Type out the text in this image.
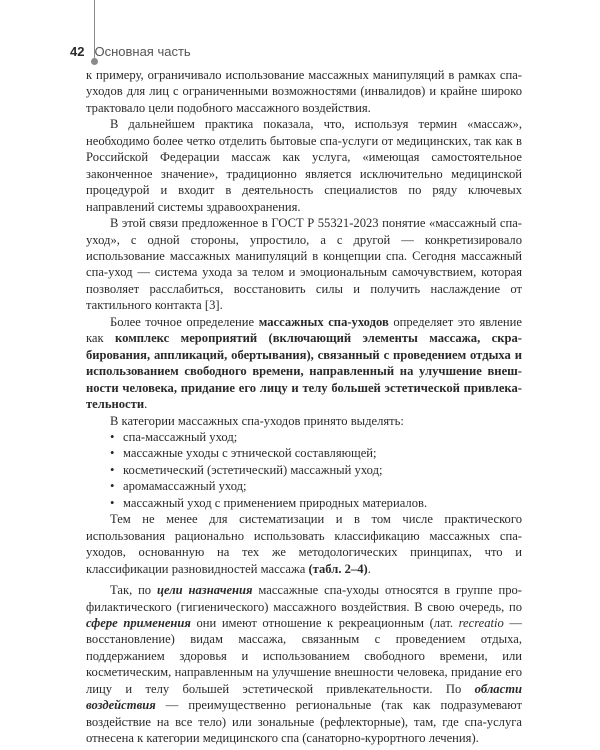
42 Основная часть

к примеру, ограничивало использование массажных манипуляций в рамках спа-уходов для лиц с ограниченными возможностями (инвалидов) и крайне широко трактовало цели подобного массажного воздействия.

В дальнейшем практика показала, что, используя термин «массаж», необходимо более четко отделить бытовые спа-услуги от медицинских, так как в Российской Федерации массаж как услуга, «имеющая самостоятельное законченное значение», традиционно является исключительно медицинской процедурой и входит в деятельность специалистов по ряду ключевых направлений системы здравоохранения.

В этой связи предложенное в ГОСТ Р 55321-2023 понятие «массажный спа-уход», с одной стороны, упростило, а с другой — конкретизировало использование массажных манипуляций в концепции спа. Сегодня массажный спа-уход — система ухода за телом и эмоциональным самочувствием, которая позволяет расслабиться, восстановить силы и получить наслаждение от тактильного контакта [3].

Более точное определение массажных спа-уходов определяет это явление как комплекс мероприятий (включающий элементы массажа, скрабирования, аппликаций, обертывания), связанный с проведением отдыха и использованием свободного времени, направленный на улучшение внешности человека, придание его лицу и телу большей эстетической привлекательности.

В категории массажных спа-уходов принято выделять:

• спа-массажный уход;
• массажные уходы с этнической составляющей;
• косметический (эстетический) массажный уход;
• аромамассажный уход;
• массажный уход с применением природных материалов.

Тем не менее для систематизации и в том числе практического использования рационально использовать классификацию массажных спа-уходов, основанную на тех же методологических принципах, что и классификации разновидностей массажа (табл. 2–4).

Так, по цели назначения массажные спа-уходы относятся в группе профилактического (гигиенического) массажного воздействия. В свою очередь, по сфере применения они имеют отношение к рекреационным (лат. recreatio — восстановление) видам массажа, связанным с проведением отдыха, поддержанием здоровья и использованием свободного времени, или косметическим, направленным на улучшение внешности человека, придание его лицу и телу большей эстетической привлекательности. По области воздействия — преимущественно региональные (так как подразумевают воздействие на все тело) или зональные (рефлекторные), там, где спа-услуга отнесена к категории медицинского спа (санаторно-курортного лечения).
